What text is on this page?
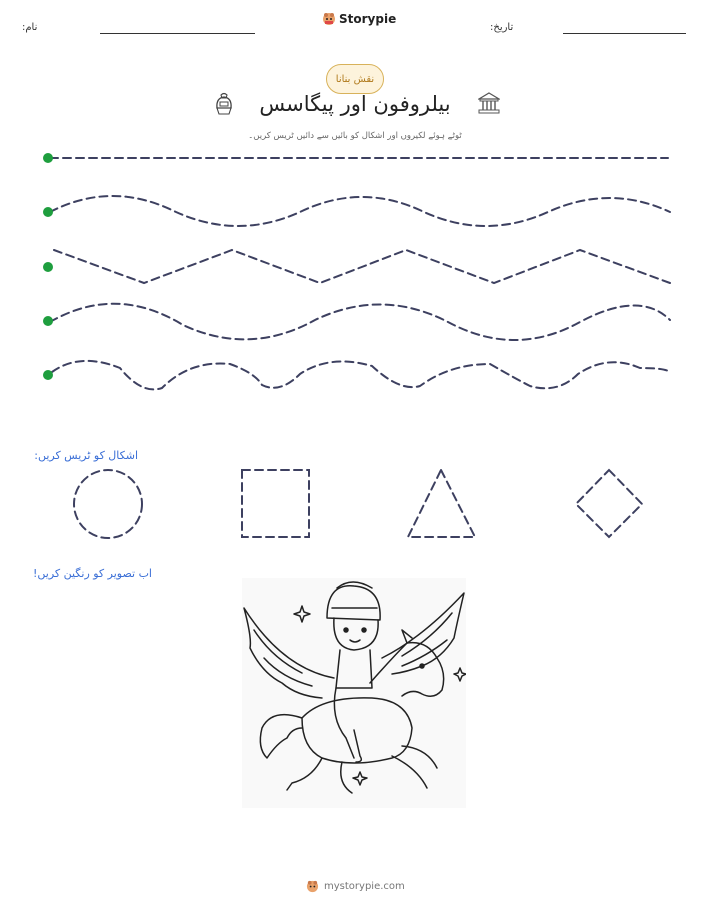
نام:
Storypie
تاریخ:
نقش بنانا
بیلروفون اور پیگاسس
ٹوٹے ہوئے لکیروں اور اشکال کو بائیں سے دائیں ٹریس کریں۔
اشکال کو ٹریس کریں:
اب تصویر کو رنگین کریں!
mystorypie.com
